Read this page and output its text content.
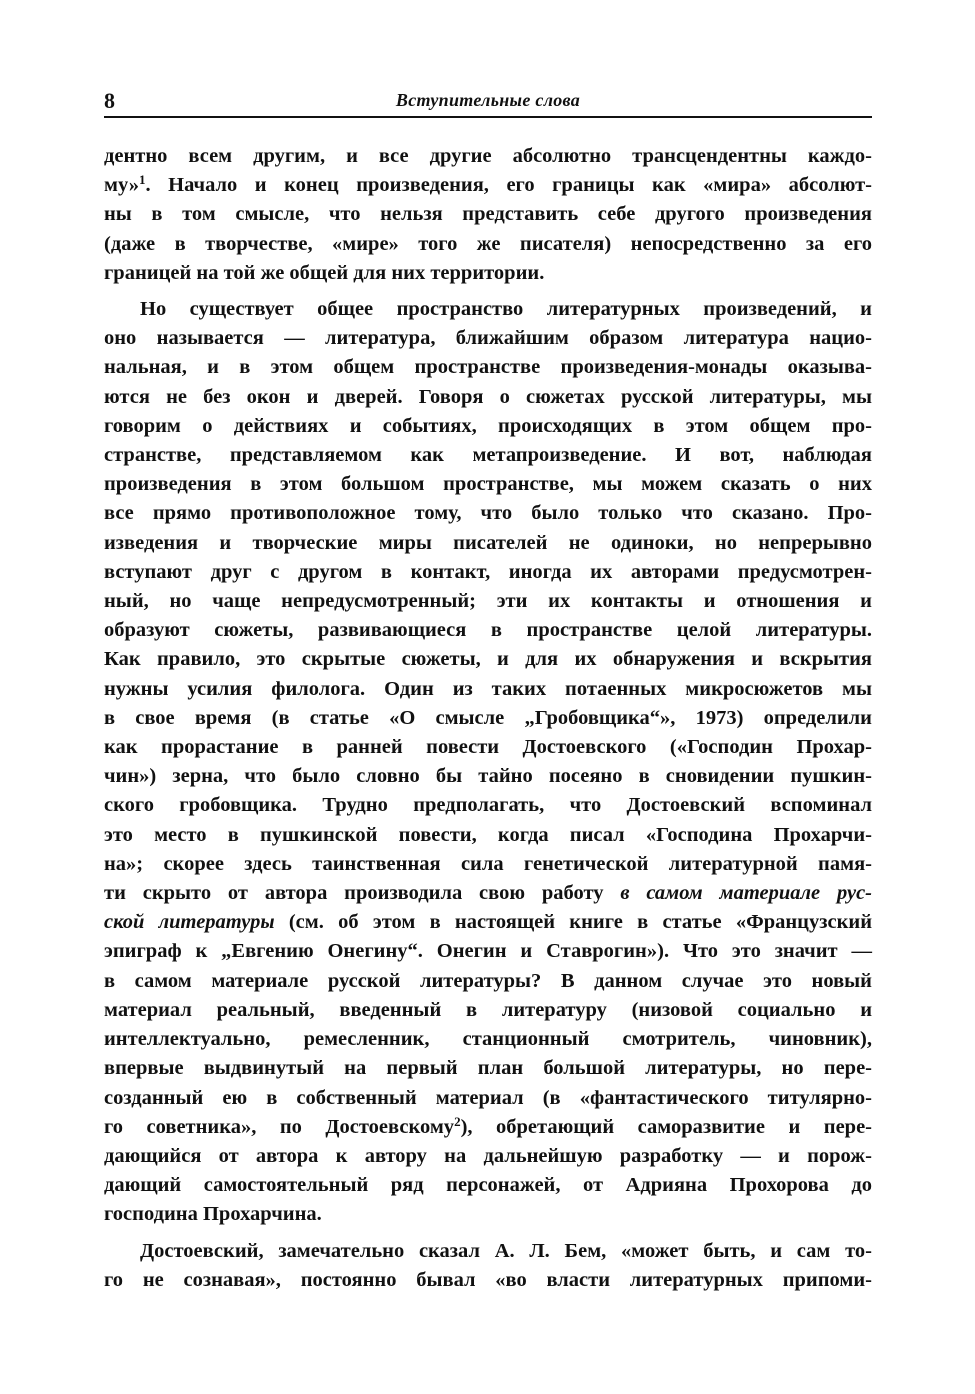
8	Вступительные слова
дентно всем другим, и все другие абсолютно трансцендентны каждо-
му»$^1$. Начало и конец произведения, его границы как «мира» абсолют-
ны в том смысле, что нельзя представить себе другого произведения
(даже в творчестве, «мире» того же писателя) непосредственно за его
границей на той же общей для них территории.
Но существует общее пространство литературных произведений, и
оно называется — литература, ближайшим образом литература нацио-
нальная, и в этом общем пространстве произведения-монады оказыва-
ются не без окон и дверей. Говоря о сюжетах русской литературы, мы
говорим о действиях и событиях, происходящих в этом общем про-
странстве, представляемом как метапроизведение. И вот, наблюдая
произведения в этом большом пространстве, мы можем сказать о них
все прямо противоположное тому, что было только что сказано. Про-
изведения и творческие миры писателей не одиноки, но непрерывно
вступают друг с другом в контакт, иногда их авторами предусмотрен-
ный, но чаще непредусмотренный; эти их контакты и отношения и
образуют сюжеты, развивающиеся в пространстве целой литературы.
Как правило, это скрытые сюжеты, и для их обнаружения и вскрытия
нужны усилия филолога. Один из таких потаенных микросюжетов мы
в свое время (в статье «О смысле „Гробовщика“», 1973) определили
как прорастание в ранней повести Достоевского («Господин Прохар-
чин») зерна, что было словно бы тайно посеяно в сновидении пушкин-
ского гробовщика. Трудно предполагать, что Достоевский вспоминал
это место в пушкинской повести, когда писал «Господина Прохарчи-
на»; скорее здесь таинственная сила генетической литературной памя-
ти скрыто от автора производила свою работу в самом материале рус-
ской литературы (см. об этом в настоящей книге в статье «Французский
эпиграф к „Евгению Онегину“. Онегин и Ставрогин»). Что это значит —
в самом материале русской литературы? В данном случае это новый
материал реальный, введенный в литературу (низовой социально и
интеллектуально, ремесленник, станционный смотритель, чиновник),
впервые выдвинутый на первый план большой литературы, но пере-
созданный ею в собственный материал (в «фантастического титулярно-
го советника», по Достоевскому$^2$), обретающий саморазвитие и пере-
дающийся от автора к автору на дальнейшую разработку — и порож-
дающий самостоятельный ряд персонажей, от Адрияна Прохорова до
господина Прохарчина.
Достоевский, замечательно сказал А. Л. Бем, «может быть, и сам то-
го не сознавая», постоянно бывал «во власти литературных припоми-
